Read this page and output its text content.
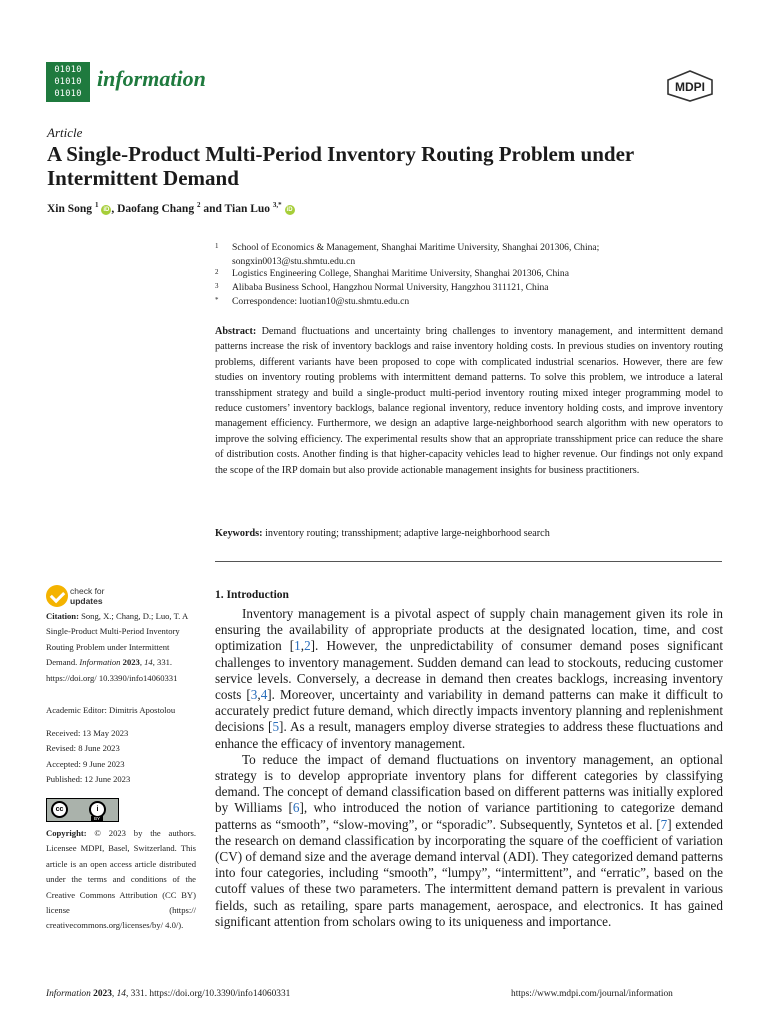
01010
01010
01010
information	MDPI
Article
A Single-Product Multi-Period Inventory Routing Problem under Intermittent Demand
Xin Song $^1$ iD , Daofang Chang $^2$ and Tian Luo $^{3,*}$ iD
1 School of Economics & Management, Shanghai Maritime University, Shanghai 201306, China;
songxin0013@stu.shmtu.edu.cn
2 Logistics Engineering College, Shanghai Maritime University, Shanghai 201306, China
3 Alibaba Business School, Hangzhou Normal University, Hangzhou 311121, China
* Correspondence: luotian10@stu.shmtu.edu.cn
Abstract: Demand fluctuations and uncertainty bring challenges to inventory management, and intermittent demand patterns increase the risk of inventory backlogs and raise inventory holding costs. In previous studies on inventory routing problems, different variants have been proposed to cope with complicated industrial scenarios. However, there are few studies on inventory routing problems with intermittent demand patterns. To solve this problem, we introduce a lateral transshipment strategy and build a single-product multi-period inventory routing mixed integer programming model to reduce customers’ inventory backlogs, balance regional inventory, reduce inventory holding costs, and improve inventory management efficiency. Furthermore, we design an adaptive large-neighborhood search algorithm with new operators to improve the solving efficiency. The experimental results show that an appropriate transshipment price can reduce the share of distribution costs. Another finding is that higher-capacity vehicles lead to higher revenue. Our findings not only expand the scope of the IRP domain but also provide actionable management insights for business practitioners.
Keywords: inventory routing; transshipment; adaptive large-neighborhood search
check for
updates
Citation: Song, X.; Chang, D.; Luo, T. A Single-Product Multi-Period Inventory Routing Problem under Intermittent Demand. Information 2023, 14, 331. https://doi.org/ 10.3390/info14060331
Academic Editor: Dimitris Apostolou
Received: 13 May 2023
Revised: 8 June 2023
Accepted: 9 June 2023
Published: 12 June 2023
cc	i
BY
Copyright: © 2023 by the authors. Licensee MDPI, Basel, Switzerland. This article is an open access article distributed under the terms and conditions of the Creative Commons Attribution (CC BY) license (https:// creativecommons.org/licenses/by/ 4.0/).
1. Introduction

Inventory management is a pivotal aspect of supply chain management given its role in ensuring the availability of appropriate products at the designated location, time, and cost optimization [1,2]. However, the unpredictability of consumer demand poses significant challenges to inventory management. Sudden demand can lead to stockouts, reducing customer service levels. Conversely, a decrease in demand then creates backlogs, increasing inventory costs [3,4]. Moreover, uncertainty and variability in demand patterns can make it difficult to accurately predict future demand, which directly impacts inventory planning and replenishment decisions [5]. As a result, managers employ diverse strategies to address these fluctuations and enhance the efficacy of inventory management.

To reduce the impact of demand fluctuations on inventory management, an optional strategy is to develop appropriate inventory plans for different categories by classifying demand. The concept of demand classification based on different patterns was initially explored by Williams [6], who introduced the notion of variance partitioning to categorize demand patterns as “smooth”, “slow-moving”, or “sporadic”. Subsequently, Syntetos et al. [7] extended the research on demand classification by incorporating the square of the coefficient of variation (CV) of demand size and the average demand interval (ADI). They categorized demand patterns into four categories, including “smooth”, “lumpy”, “intermittent”, and “erratic”, based on the cutoff values of these two parameters. The intermittent demand pattern is prevalent in various fields, such as retailing, spare parts management, aerospace, and electronics. It has gained significant attention from scholars owing to its uniqueness and importance.

Information 2023, 14, 331. https://doi.org/10.3390/info14060331	https://www.mdpi.com/journal/information
